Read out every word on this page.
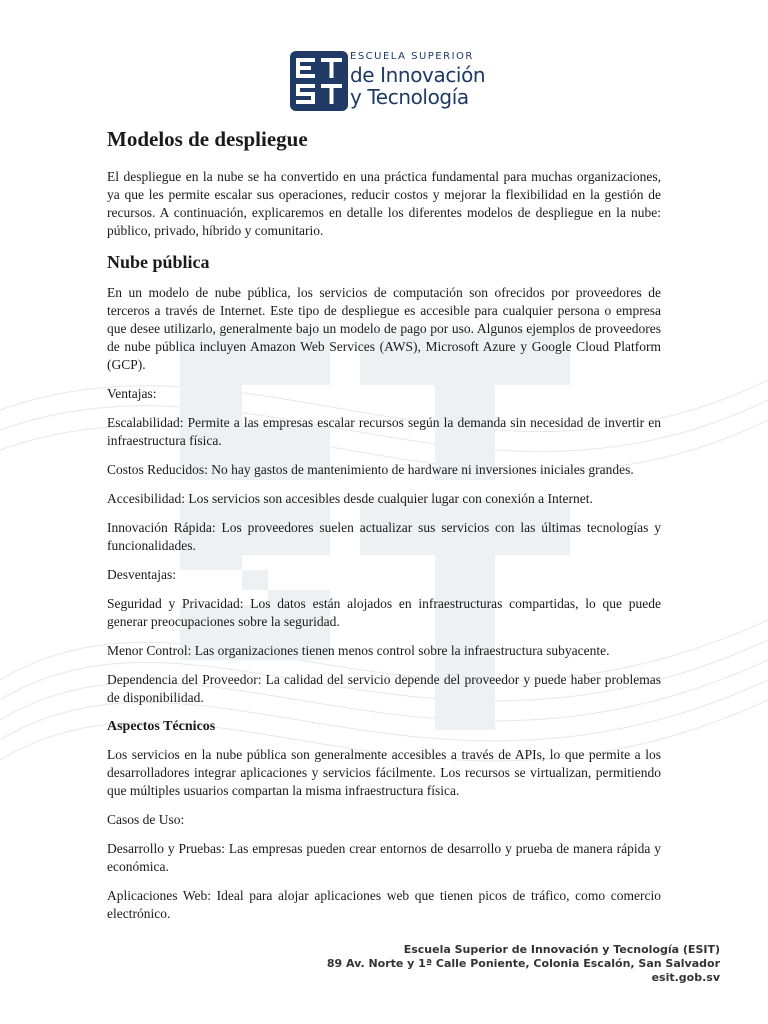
ESCUELA SUPERIOR
de Innovación
y Tecnología
Modelos de despliegue

El despliegue en la nube se ha convertido en una práctica fundamental para muchas organizaciones, ya que les permite escalar sus operaciones, reducir costos y mejorar la flexibilidad en la gestión de recursos. A continuación, explicaremos en detalle los diferentes modelos de despliegue en la nube: público, privado, híbrido y comunitario.

Nube pública

En un modelo de nube pública, los servicios de computación son ofrecidos por proveedores de terceros a través de Internet. Este tipo de despliegue es accesible para cualquier persona o empresa que desee utilizarlo, generalmente bajo un modelo de pago por uso. Algunos ejemplos de proveedores de nube pública incluyen Amazon Web Services (AWS), Microsoft Azure y Google Cloud Platform (GCP).

Ventajas:

Escalabilidad: Permite a las empresas escalar recursos según la demanda sin necesidad de invertir en infraestructura física.

Costos Reducidos: No hay gastos de mantenimiento de hardware ni inversiones iniciales grandes.

Accesibilidad: Los servicios son accesibles desde cualquier lugar con conexión a Internet.

Innovación Rápida: Los proveedores suelen actualizar sus servicios con las últimas tecnologías y funcionalidades.

Desventajas:

Seguridad y Privacidad: Los datos están alojados en infraestructuras compartidas, lo que puede generar preocupaciones sobre la seguridad.

Menor Control: Las organizaciones tienen menos control sobre la infraestructura subyacente.

Dependencia del Proveedor: La calidad del servicio depende del proveedor y puede haber problemas de disponibilidad.

Aspectos Técnicos

Los servicios en la nube pública son generalmente accesibles a través de APIs, lo que permite a los desarrolladores integrar aplicaciones y servicios fácilmente. Los recursos se virtualizan, permitiendo que múltiples usuarios compartan la misma infraestructura física.

Casos de Uso:

Desarrollo y Pruebas: Las empresas pueden crear entornos de desarrollo y prueba de manera rápida y económica.

Aplicaciones Web: Ideal para alojar aplicaciones web que tienen picos de tráfico, como comercio electrónico.

Escuela Superior de Innovación y Tecnología (ESIT)
89 Av. Norte y 1ª Calle Poniente, Colonia Escalón, San Salvador
esit.gob.sv
